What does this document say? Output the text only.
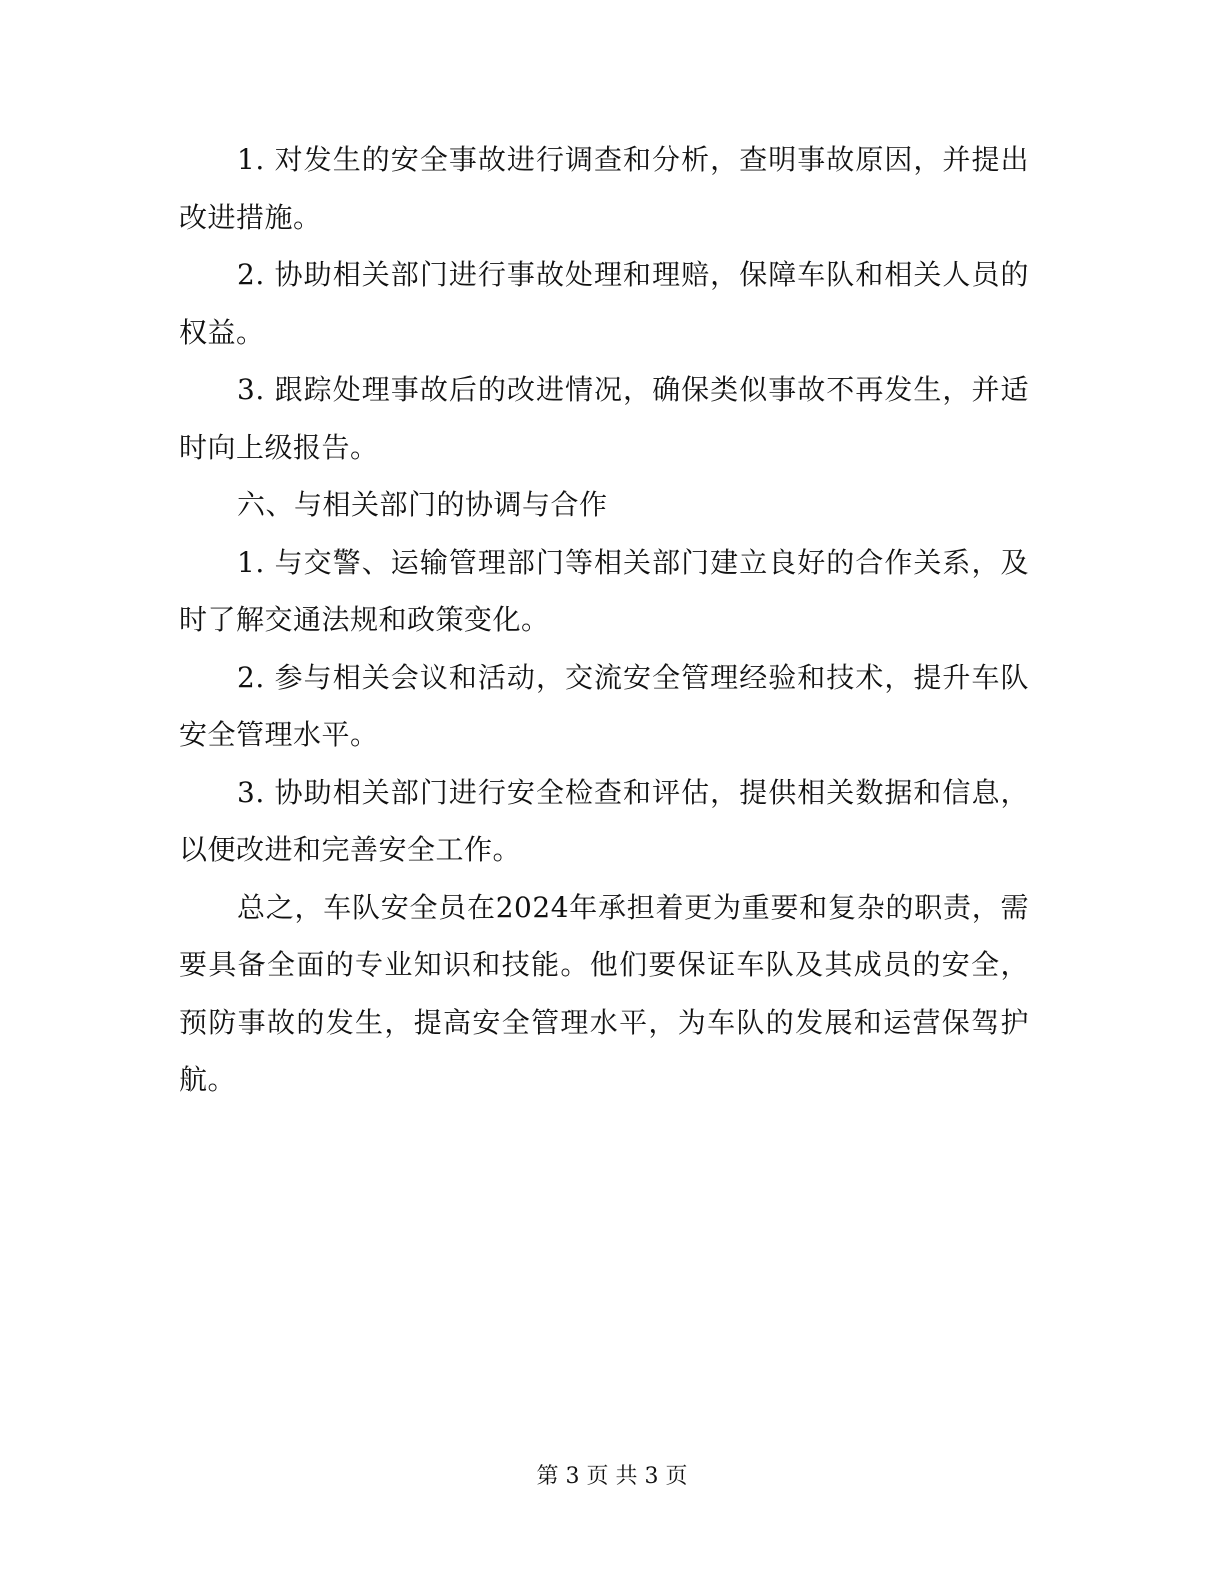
1. 对发生的安全事故进行调查和分析，查明事故原因，并提出改进措施。

2. 协助相关部门进行事故处理和理赔，保障车队和相关人员的权益。

3. 跟踪处理事故后的改进情况，确保类似事故不再发生，并适时向上级报告。

六、与相关部门的协调与合作

1. 与交警、运输管理部门等相关部门建立良好的合作关系，及时了解交通法规和政策变化。

2. 参与相关会议和活动，交流安全管理经验和技术，提升车队安全管理水平。

3. 协助相关部门进行安全检查和评估，提供相关数据和信息，以便改进和完善安全工作。

总之，车队安全员在2024年承担着更为重要和复杂的职责，需要具备全面的专业知识和技能。他们要保证车队及其成员的安全，预防事故的发生，提高安全管理水平，为车队的发展和运营保驾护航。

第 3 页 共 3 页
